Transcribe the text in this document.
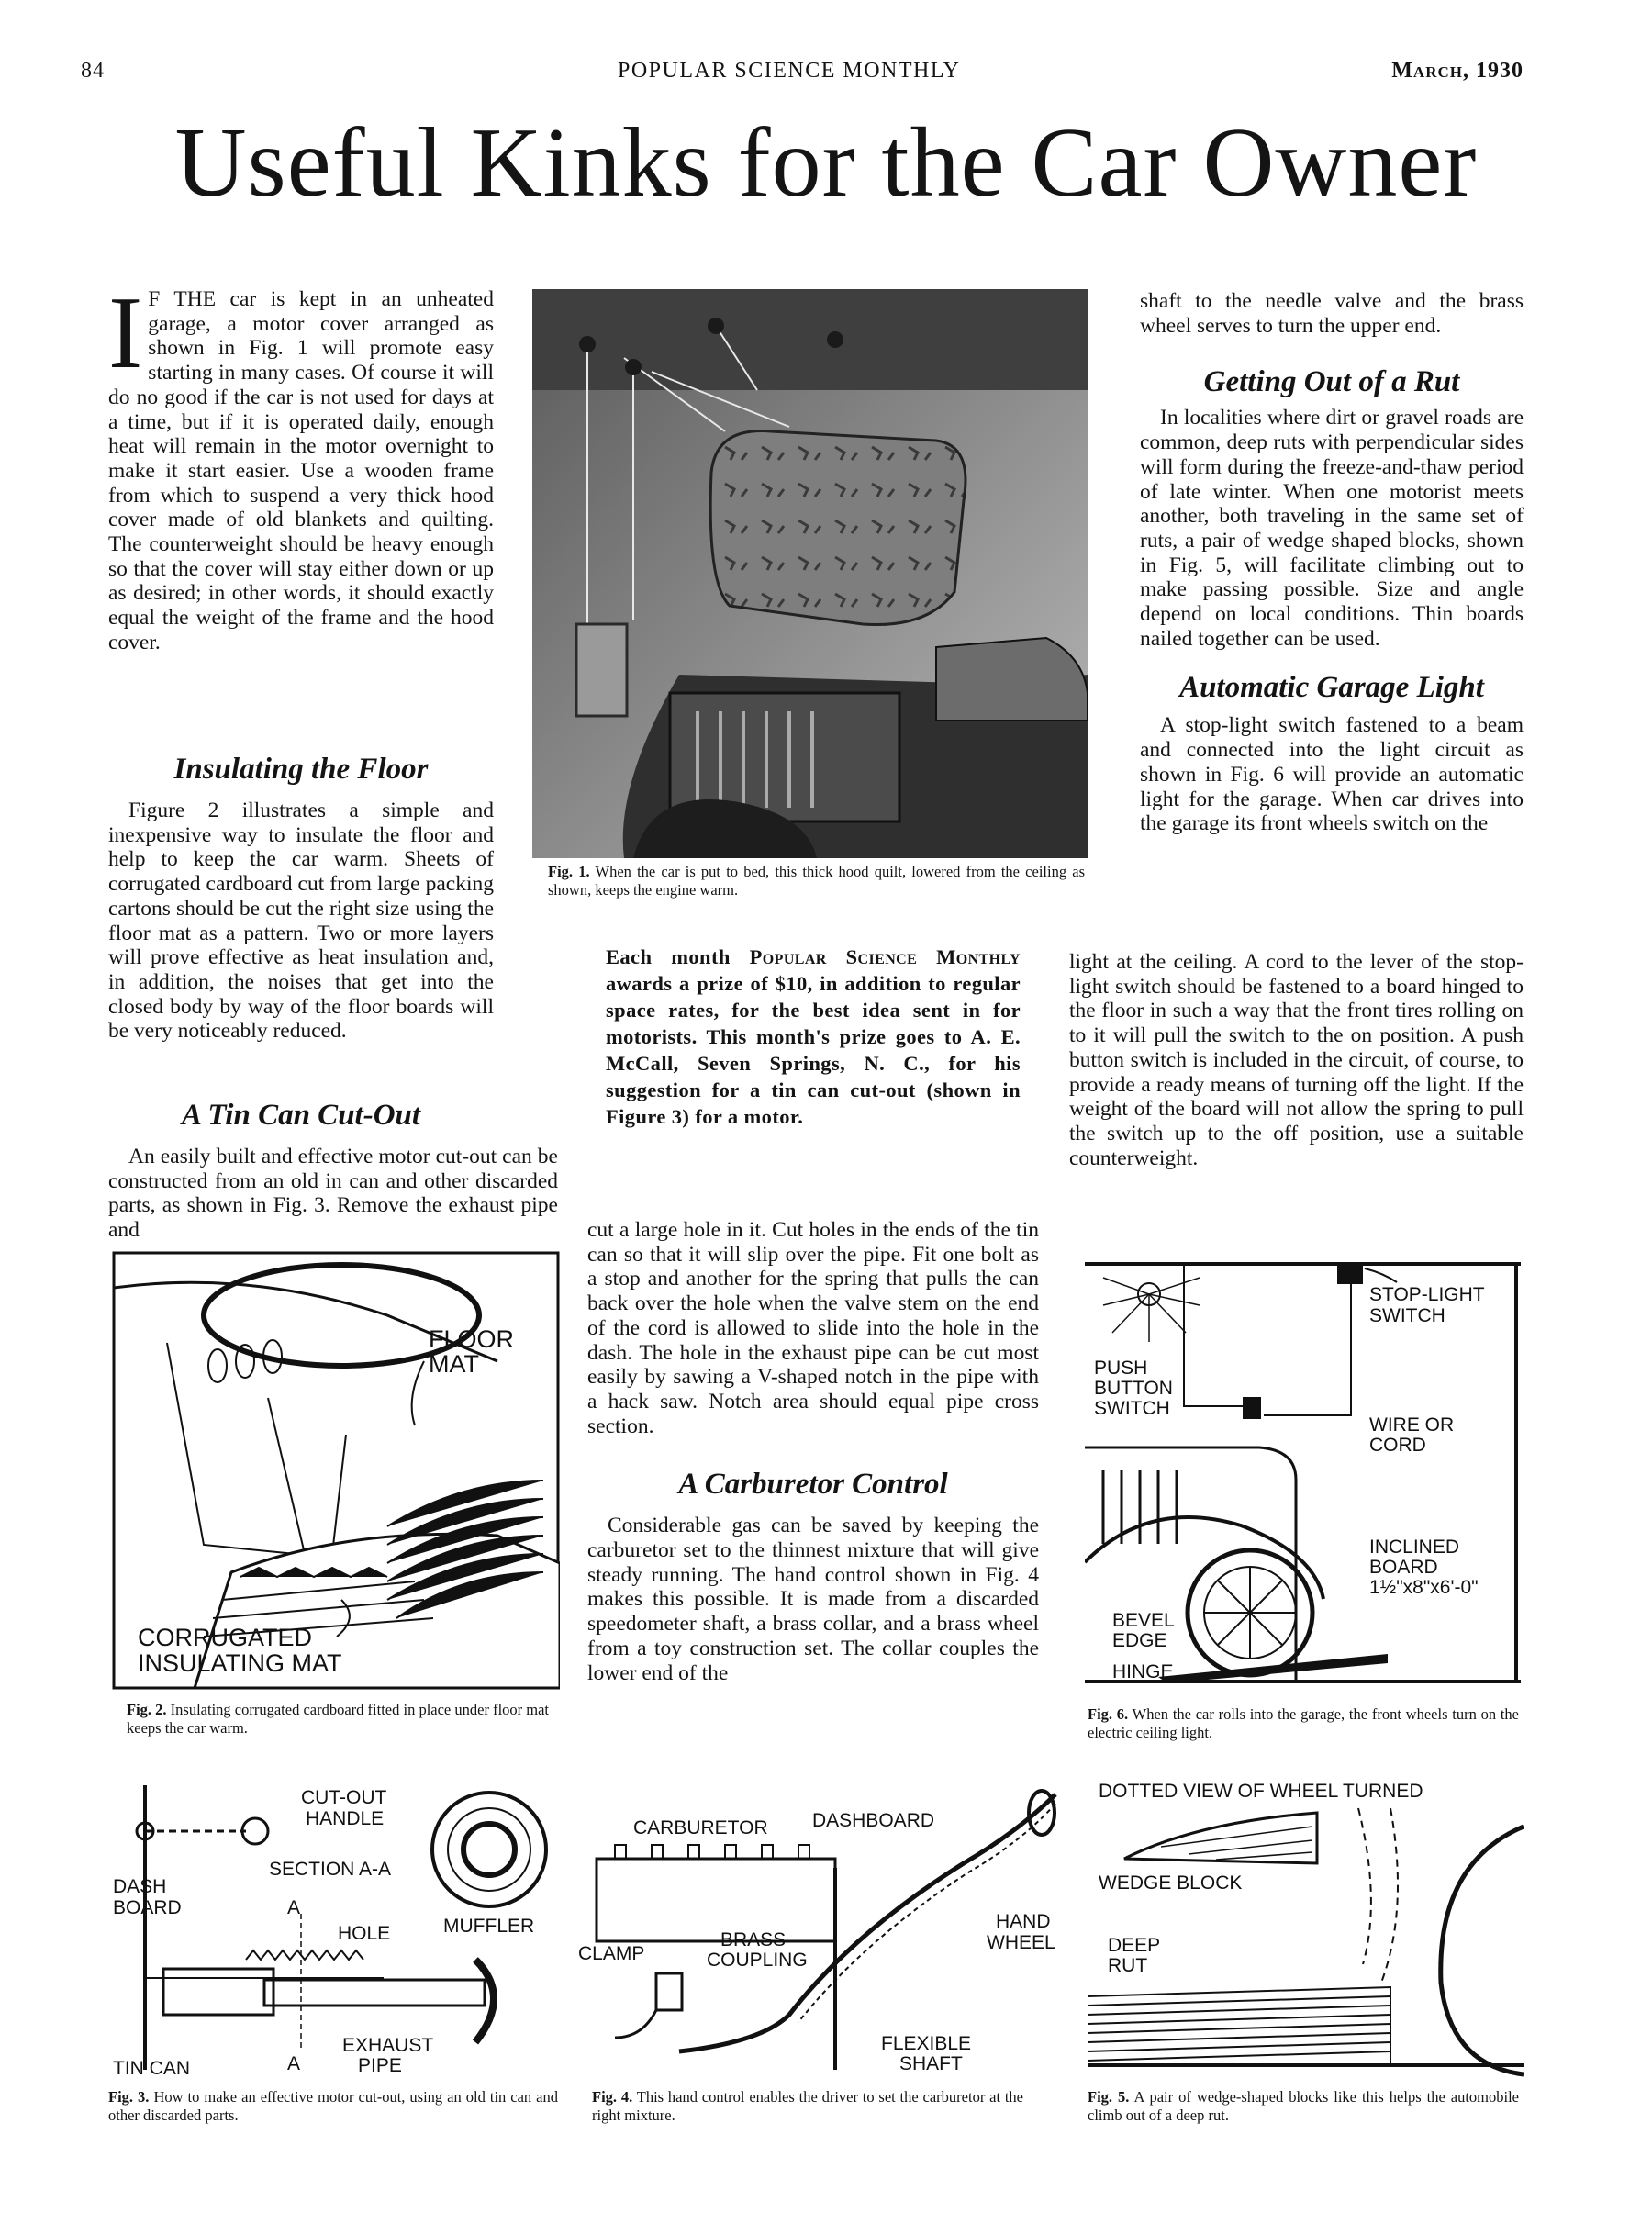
84	POPULAR SCIENCE MONTHLY	March, 1930
Useful Kinks for the Car Owner

I F THE car is kept in an unheated garage, a motor cover arranged as shown in Fig. 1 will promote easy starting in many cases. Of course it will do no good if the car is not used for days at a time, but if it is operated daily, enough heat will remain in the motor overnight to make it start easier. Use a wooden frame from which to suspend a very thick hood cover made of old blankets and quilting. The counterweight should be heavy enough so that the cover will stay either down or up as desired; in other words, it should exactly equal the weight of the frame and the hood cover.

Insulating the Floor

Figure 2 illustrates a simple and inexpensive way to insulate the floor and help to keep the car warm. Sheets of corrugated cardboard cut from large packing cartons should be cut the right size using the floor mat as a pattern. Two or more layers will prove effective as heat insulation and, in addition, the noises that get into the closed body by way of the floor boards will be very noticeably reduced.

A Tin Can Cut-Out

An easily built and effective motor cut-out can be constructed from an old in can and other discarded parts, as shown in Fig. 3. Remove the exhaust pipe and

Fig. 1. When the car is put to bed, this thick hood quilt, lowered from the ceiling as shown, keeps the engine warm.
Each month Popular Science Monthly awards a prize of $10, in addition to regular space rates, for the best idea sent in for motorists. This month's prize goes to A. E. McCall, Seven Springs, N. C., for his suggestion for a tin can cut-out (shown in Figure 3) for a motor.

cut a large hole in it. Cut holes in the ends of the tin can so that it will slip over the pipe. Fit one bolt as a stop and another for the spring that pulls the can back over the hole when the valve stem on the end of the cord is allowed to slide into the hole in the dash. The hole in the exhaust pipe can be cut most easily by sawing a V-shaped notch in the pipe with a hack saw. Notch area should equal pipe cross section.

A Carburetor Control

Considerable gas can be saved by keeping the carburetor set to the thinnest mixture that will give steady running. The hand control shown in Fig. 4 makes this possible. It is made from a discarded speedometer shaft, a brass collar, and a brass wheel from a toy construction set. The collar couples the lower end of the

shaft to the needle valve and the brass wheel serves to turn the upper end.

Getting Out of a Rut

In localities where dirt or gravel roads are common, deep ruts with perpendicular sides will form during the freeze-and-thaw period of late winter. When one motorist meets another, both traveling in the same set of ruts, a pair of wedge shaped blocks, shown in Fig. 5, will facilitate climbing out to make passing possible. Size and angle depend on local conditions. Thin boards nailed together can be used.

Automatic Garage Light

A stop-light switch fastened to a beam and connected into the light circuit as shown in Fig. 6 will provide an automatic light for the garage. When car drives into the garage its front wheels switch on the

light at the ceiling. A cord to the lever of the stop-light switch should be fastened to a board hinged to the floor in such a way that the front tires rolling on to it will pull the switch to the on position. A push button switch is included in the circuit, of course, to provide a ready means of turning off the light. If the weight of the board will not allow the spring to pull the switch up to the off position, use a suitable counterweight.

FLOOR
MAT
CORRUGATED
INSULATING MAT
Fig. 2. Insulating corrugated cardboard fitted in place under floor mat keeps the car warm.
STOP-LIGHT
SWITCH
PUSH
BUTTON
SWITCH
WIRE OR
CORD
INCLINED
BOARD
1½"x8"x6'-0"
BEVEL
EDGE
HINGE
Fig. 6. When the car rolls into the garage, the front wheels turn on the electric ceiling light.
CUT-OUT
HANDLE
SECTION A-A
DASH
BOARD	A
HOLE	MUFFLER
TIN CAN	A
EXHAUST
PIPE
Fig. 3. How to make an effective motor cut-out, using an old tin can and other discarded parts.
CARBURETOR DASHBOARD
BRASS
COUPLING
CLAMP
HAND
WHEEL
FLEXIBLE
SHAFT
Fig. 4. This hand control enables the driver to set the carburetor at the right mixture.
DOTTED VIEW OF WHEEL TURNED
WEDGE BLOCK
DEEP
RUT
Fig. 5. A pair of wedge-shaped blocks like this helps the automobile climb out of a deep rut.
